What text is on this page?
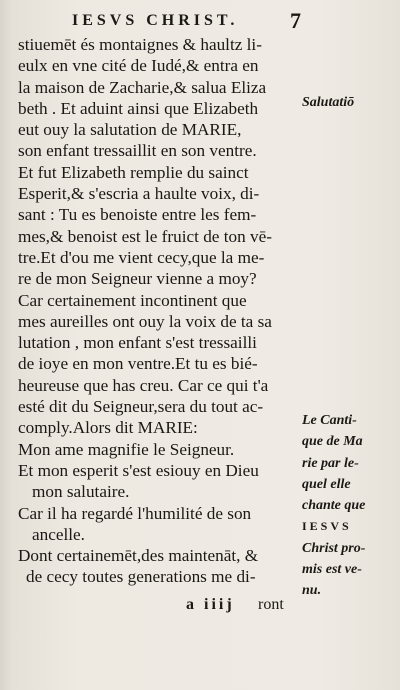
IESVS CHRIST. 7
stiuemēt és montaignes & haultz li-
eulx en vne cité de Iudé,& entra en
la maison de Zacharie,& salua Eliza
beth . Et aduint ainsi que Elizabeth
eut ouy la salutation de MARIE,
son enfant tressaillit en son ventre.
Et fut Elizabeth remplie du sainct
Esperit,& s'escria a haulte voix, di-
sant : Tu es benoiste entre les fem-
mes,& benoist est le fruict de ton vē-
tre.Et d'ou me vient cecy,que la me-
re de mon Seigneur vienne a moy?
Car certainement incontinent que
mes aureilles ont ouy la voix de ta sa
lutation , mon enfant s'est tressailli
de ioye en mon ventre.Et tu es bié-
heureuse que has creu. Car ce qui t'a
esté dit du Seigneur,sera du tout ac-
comply.Alors dit MARIE:
Mon ame magnifie le Seigneur.
Et mon esperit s'est esiouy en Dieu
mon salutaire.
Car il ha regardé l'humilité de son
ancelle.
Dont certainemēt,des maintenāt, &
de cecy toutes generations me di-
a iiij ront
Salutatiō
Le Canti-
que de Ma
rie par le-
quel elle
chante que
IESVS
Christ pro-
mis est ve-
nu.
